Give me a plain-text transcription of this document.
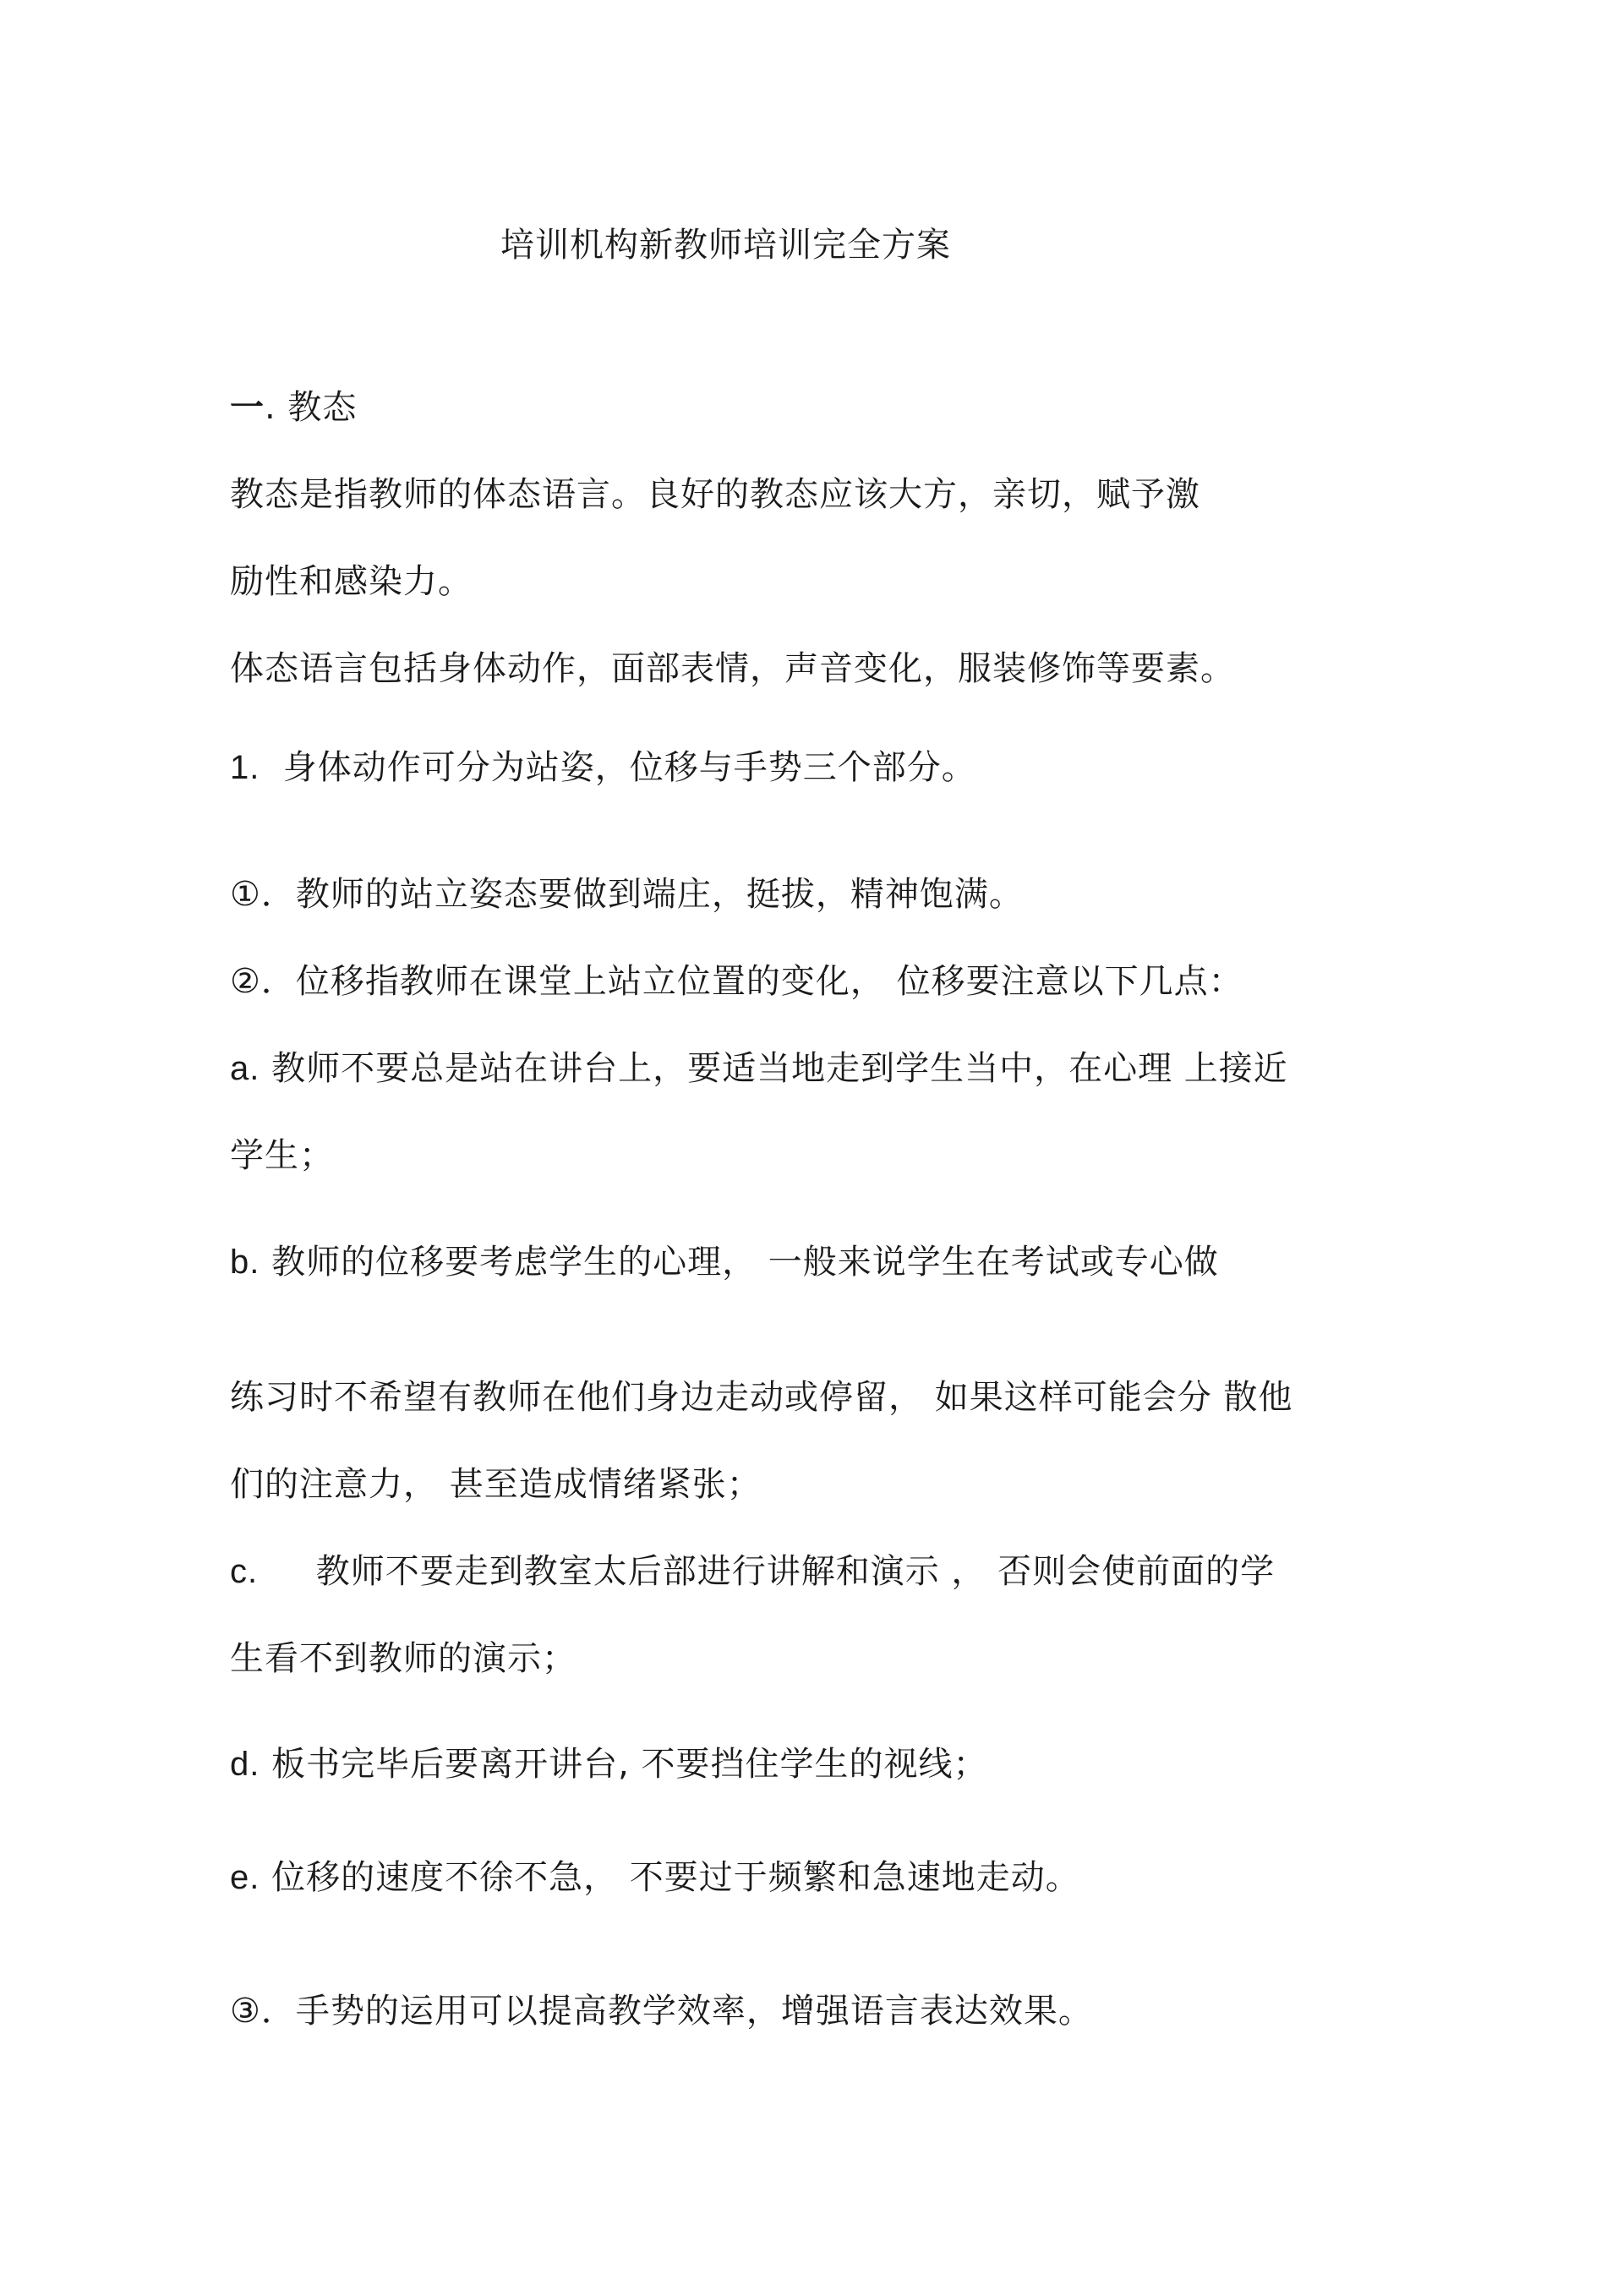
培训机构新教师培训完全方案
一. 教态
教态是指教师的体态语言。良好的教态应该大方，亲切，赋予激
励性和感染力。
体态语言包括身体动作，面部表情，声音变化，服装修饰等要素。
1. 身体动作可分为站姿，位移与手势三个部分。
①．教师的站立姿态要做到端庄，挺拔，精神饱满。
②．位移指教师在课堂上站立位置的变化， 位移要注意以下几点：
a. 教师不要总是站在讲台上，要适当地走到学生当中，在心理 上接近
学生；
b. 教师的位移要考虑学生的心理， 一般来说学生在考试或专心做
练习时不希望有教师在他们身边走动或停留， 如果这样可能会分 散他
们的注意力， 甚至造成情绪紧张；
c. 教师不要走到教室太后部进行讲解和演示 ， 否则会使前面的学
生看不到教师的演示；
d. 板书完毕后要离开讲台, 不要挡住学生的视线；
e. 位移的速度不徐不急， 不要过于频繁和急速地走动。
③．手势的运用可以提高教学效率，增强语言表达效果。
